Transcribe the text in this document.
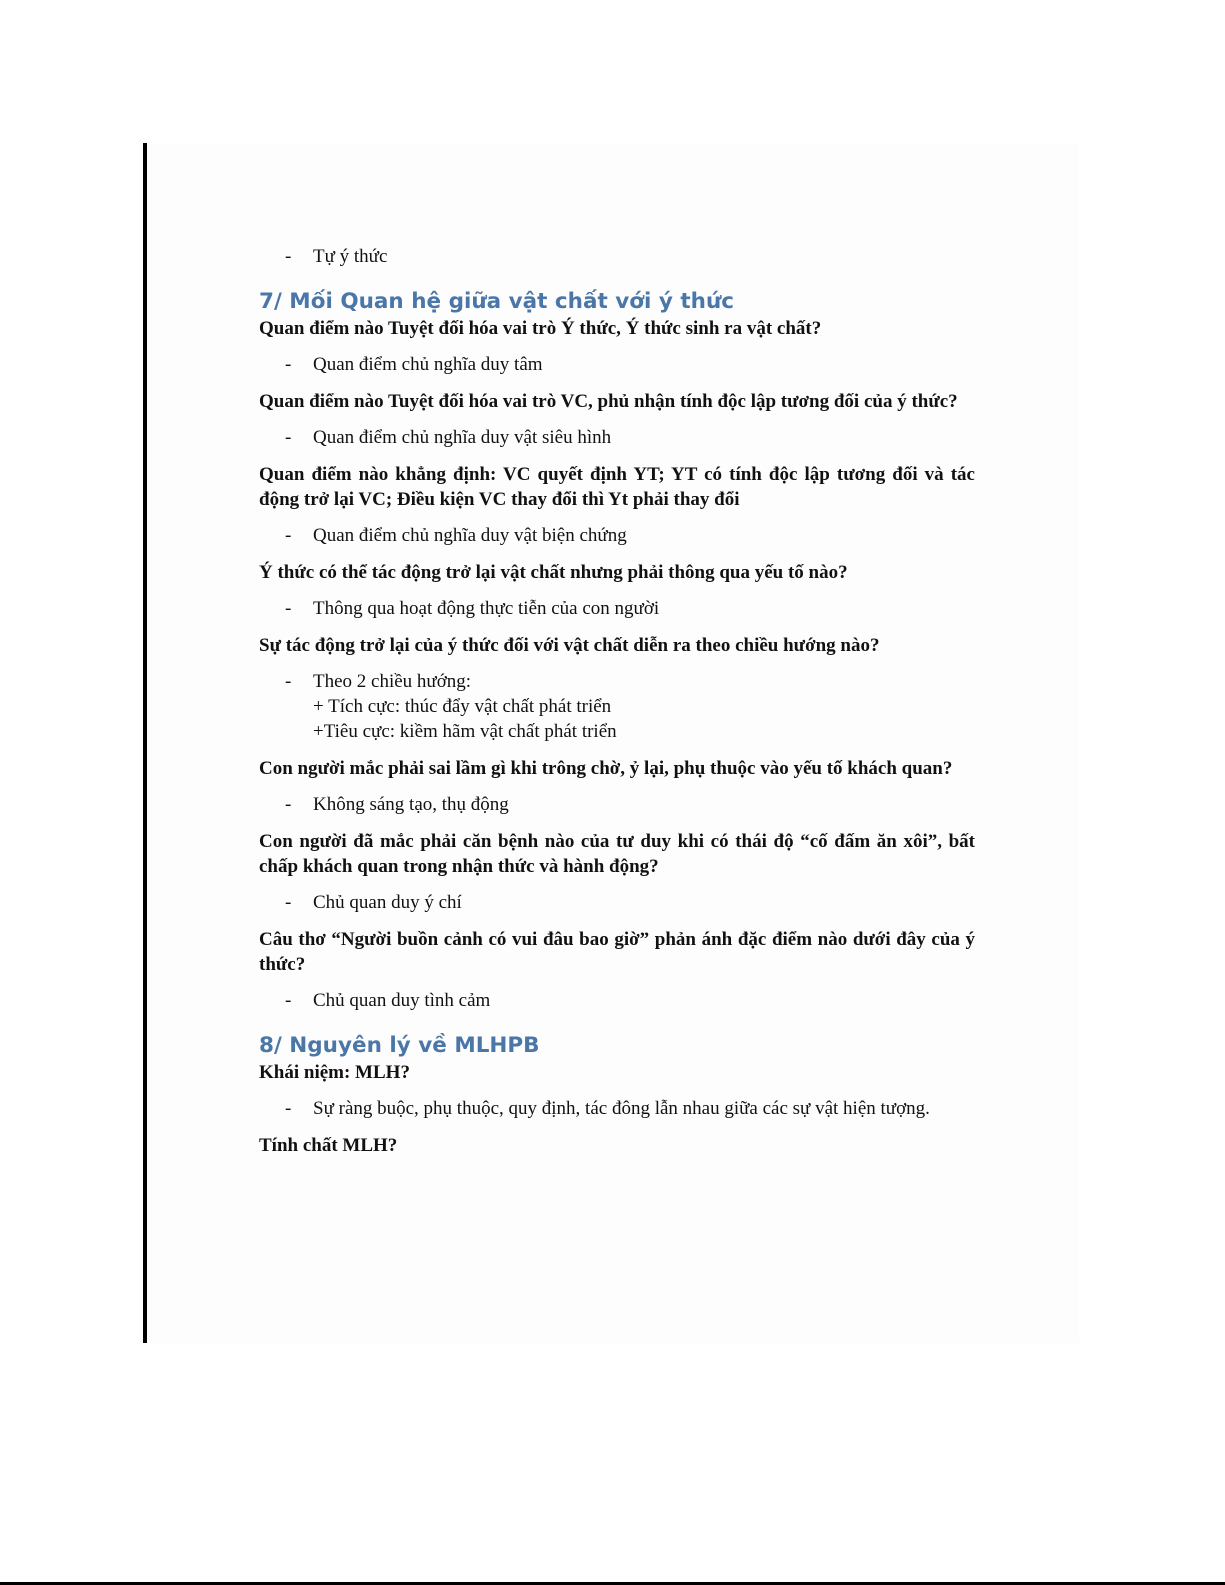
- Tự ý thức
7/ Mối Quan hệ giữa vật chất với ý thức
Quan điểm nào Tuyệt đối hóa vai trò Ý thức, Ý thức sinh ra vật chất?
- Quan điểm chủ nghĩa duy tâm
Quan điểm nào Tuyệt đối hóa vai trò VC, phủ nhận tính độc lập tương đối của ý thức?
- Quan điểm chủ nghĩa duy vật siêu hình
Quan điểm nào khẳng định: VC quyết định YT; YT có tính độc lập tương đối và tác động trở lại VC; Điều kiện VC thay đổi thì Yt phải thay đổi
- Quan điểm chủ nghĩa duy vật biện chứng
Ý thức có thể tác động trở lại vật chất nhưng phải thông qua yếu tố nào?
- Thông qua hoạt động thực tiễn của con người
Sự tác động trở lại của ý thức đối với vật chất diễn ra theo chiều hướng nào?
- Theo 2 chiều hướng:
+ Tích cực: thúc đẩy vật chất phát triển
+Tiêu cực: kiềm hãm vật chất phát triển
Con người mắc phải sai lầm gì khi trông chờ, ỷ lại, phụ thuộc vào yếu tố khách quan?
- Không sáng tạo, thụ động
Con người đã mắc phải căn bệnh nào của tư duy khi có thái độ “cố đấm ăn xôi”, bất chấp khách quan trong nhận thức và hành động?
- Chủ quan duy ý chí
Câu thơ “Người buồn cảnh có vui đâu bao giờ” phản ánh đặc điểm nào dưới đây của ý thức?
- Chủ quan duy tình cảm
8/ Nguyên lý về MLHPB
Khái niệm: MLH?
- Sự ràng buộc, phụ thuộc, quy định, tác đông lẫn nhau giữa các sự vật hiện tượng.
Tính chất MLH?
